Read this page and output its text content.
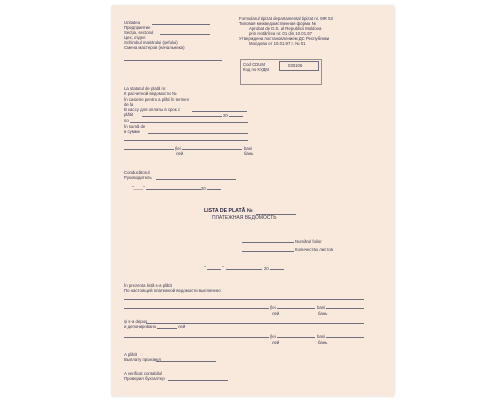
Unitatea
Предприятие
Secția, sectorul
Цех, отдел
Schimbul maistrului (șefului)
Смена мастеров (начальника)
Formularul tipizat departamental tipizat nr. MR 53
Типовая межведомственная форма №
Aprobat de D.S. al Republicii Moldova
prin Hotărîrea nr. 01 din 10.01.97
Утверждена постановлением ДС Республики
Молдова от 10.01.97 г. № 01
Cod CDUM
Код по КУДМ
030106
La statutul de plată nr.
К расчетной ведомости №
În casierie pentru a plăti în termen
de la
В кассу для оплаты в срок с
plătit	20
по
În sumă de
в сумме
(lei	bani
лей	бань
Conducătorul
Руководитель
"____"	20
LISTA DE PLATĂ №
ПЛАТЕЖНАЯ ВЕДОМОСТЬ
Numărul foilor
Количество листов
"	"	20
În prezenta listă s-a plătit
По настоящей платежной ведомости выплачено
(lei	bani
лей	бань
și s-a depus
и депонировано	лей
(lei	bani
лей	бань
A plătit
Выплату произвел
A verificat contabilul
Проверил бухгалтер
